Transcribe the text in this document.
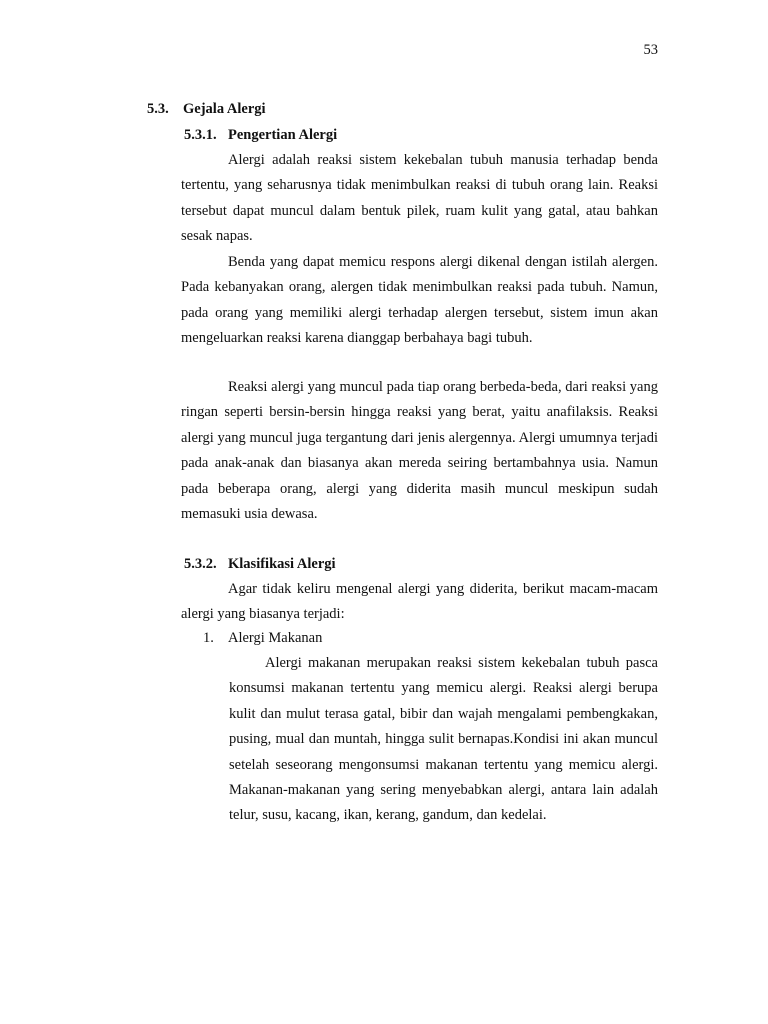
53
5.3. Gejala Alergi
5.3.1. Pengertian Alergi

Alergi adalah reaksi sistem kekebalan tubuh manusia terhadap benda tertentu, yang seharusnya tidak menimbulkan reaksi di tubuh orang lain. Reaksi tersebut dapat muncul dalam bentuk pilek, ruam kulit yang gatal, atau bahkan sesak napas.

Benda yang dapat memicu respons alergi dikenal dengan istilah alergen. Pada kebanyakan orang, alergen tidak menimbulkan reaksi pada tubuh. Namun, pada orang yang memiliki alergi terhadap alergen tersebut, sistem imun akan mengeluarkan reaksi karena dianggap berbahaya bagi tubuh.

Reaksi alergi yang muncul pada tiap orang berbeda-beda, dari reaksi yang ringan seperti bersin-bersin hingga reaksi yang berat, yaitu anafilaksis. Reaksi alergi yang muncul juga tergantung dari jenis alergennya. Alergi umumnya terjadi pada anak-anak dan biasanya akan mereda seiring bertambahnya usia. Namun pada beberapa orang, alergi yang diderita masih muncul meskipun sudah memasuki usia dewasa.

5.3.2. Klasifikasi Alergi

Agar tidak keliru mengenal alergi yang diderita, berikut macam-macam alergi yang biasanya terjadi:

1. Alergi Makanan

Alergi makanan merupakan reaksi sistem kekebalan tubuh pasca konsumsi makanan tertentu yang memicu alergi. Reaksi alergi berupa kulit dan mulut terasa gatal, bibir dan wajah mengalami pembengkakan, pusing, mual dan muntah, hingga sulit bernapas.Kondisi ini akan muncul setelah seseorang mengonsumsi makanan tertentu yang memicu alergi. Makanan-makanan yang sering menyebabkan alergi, antara lain adalah telur, susu, kacang, ikan, kerang, gandum, dan kedelai.
